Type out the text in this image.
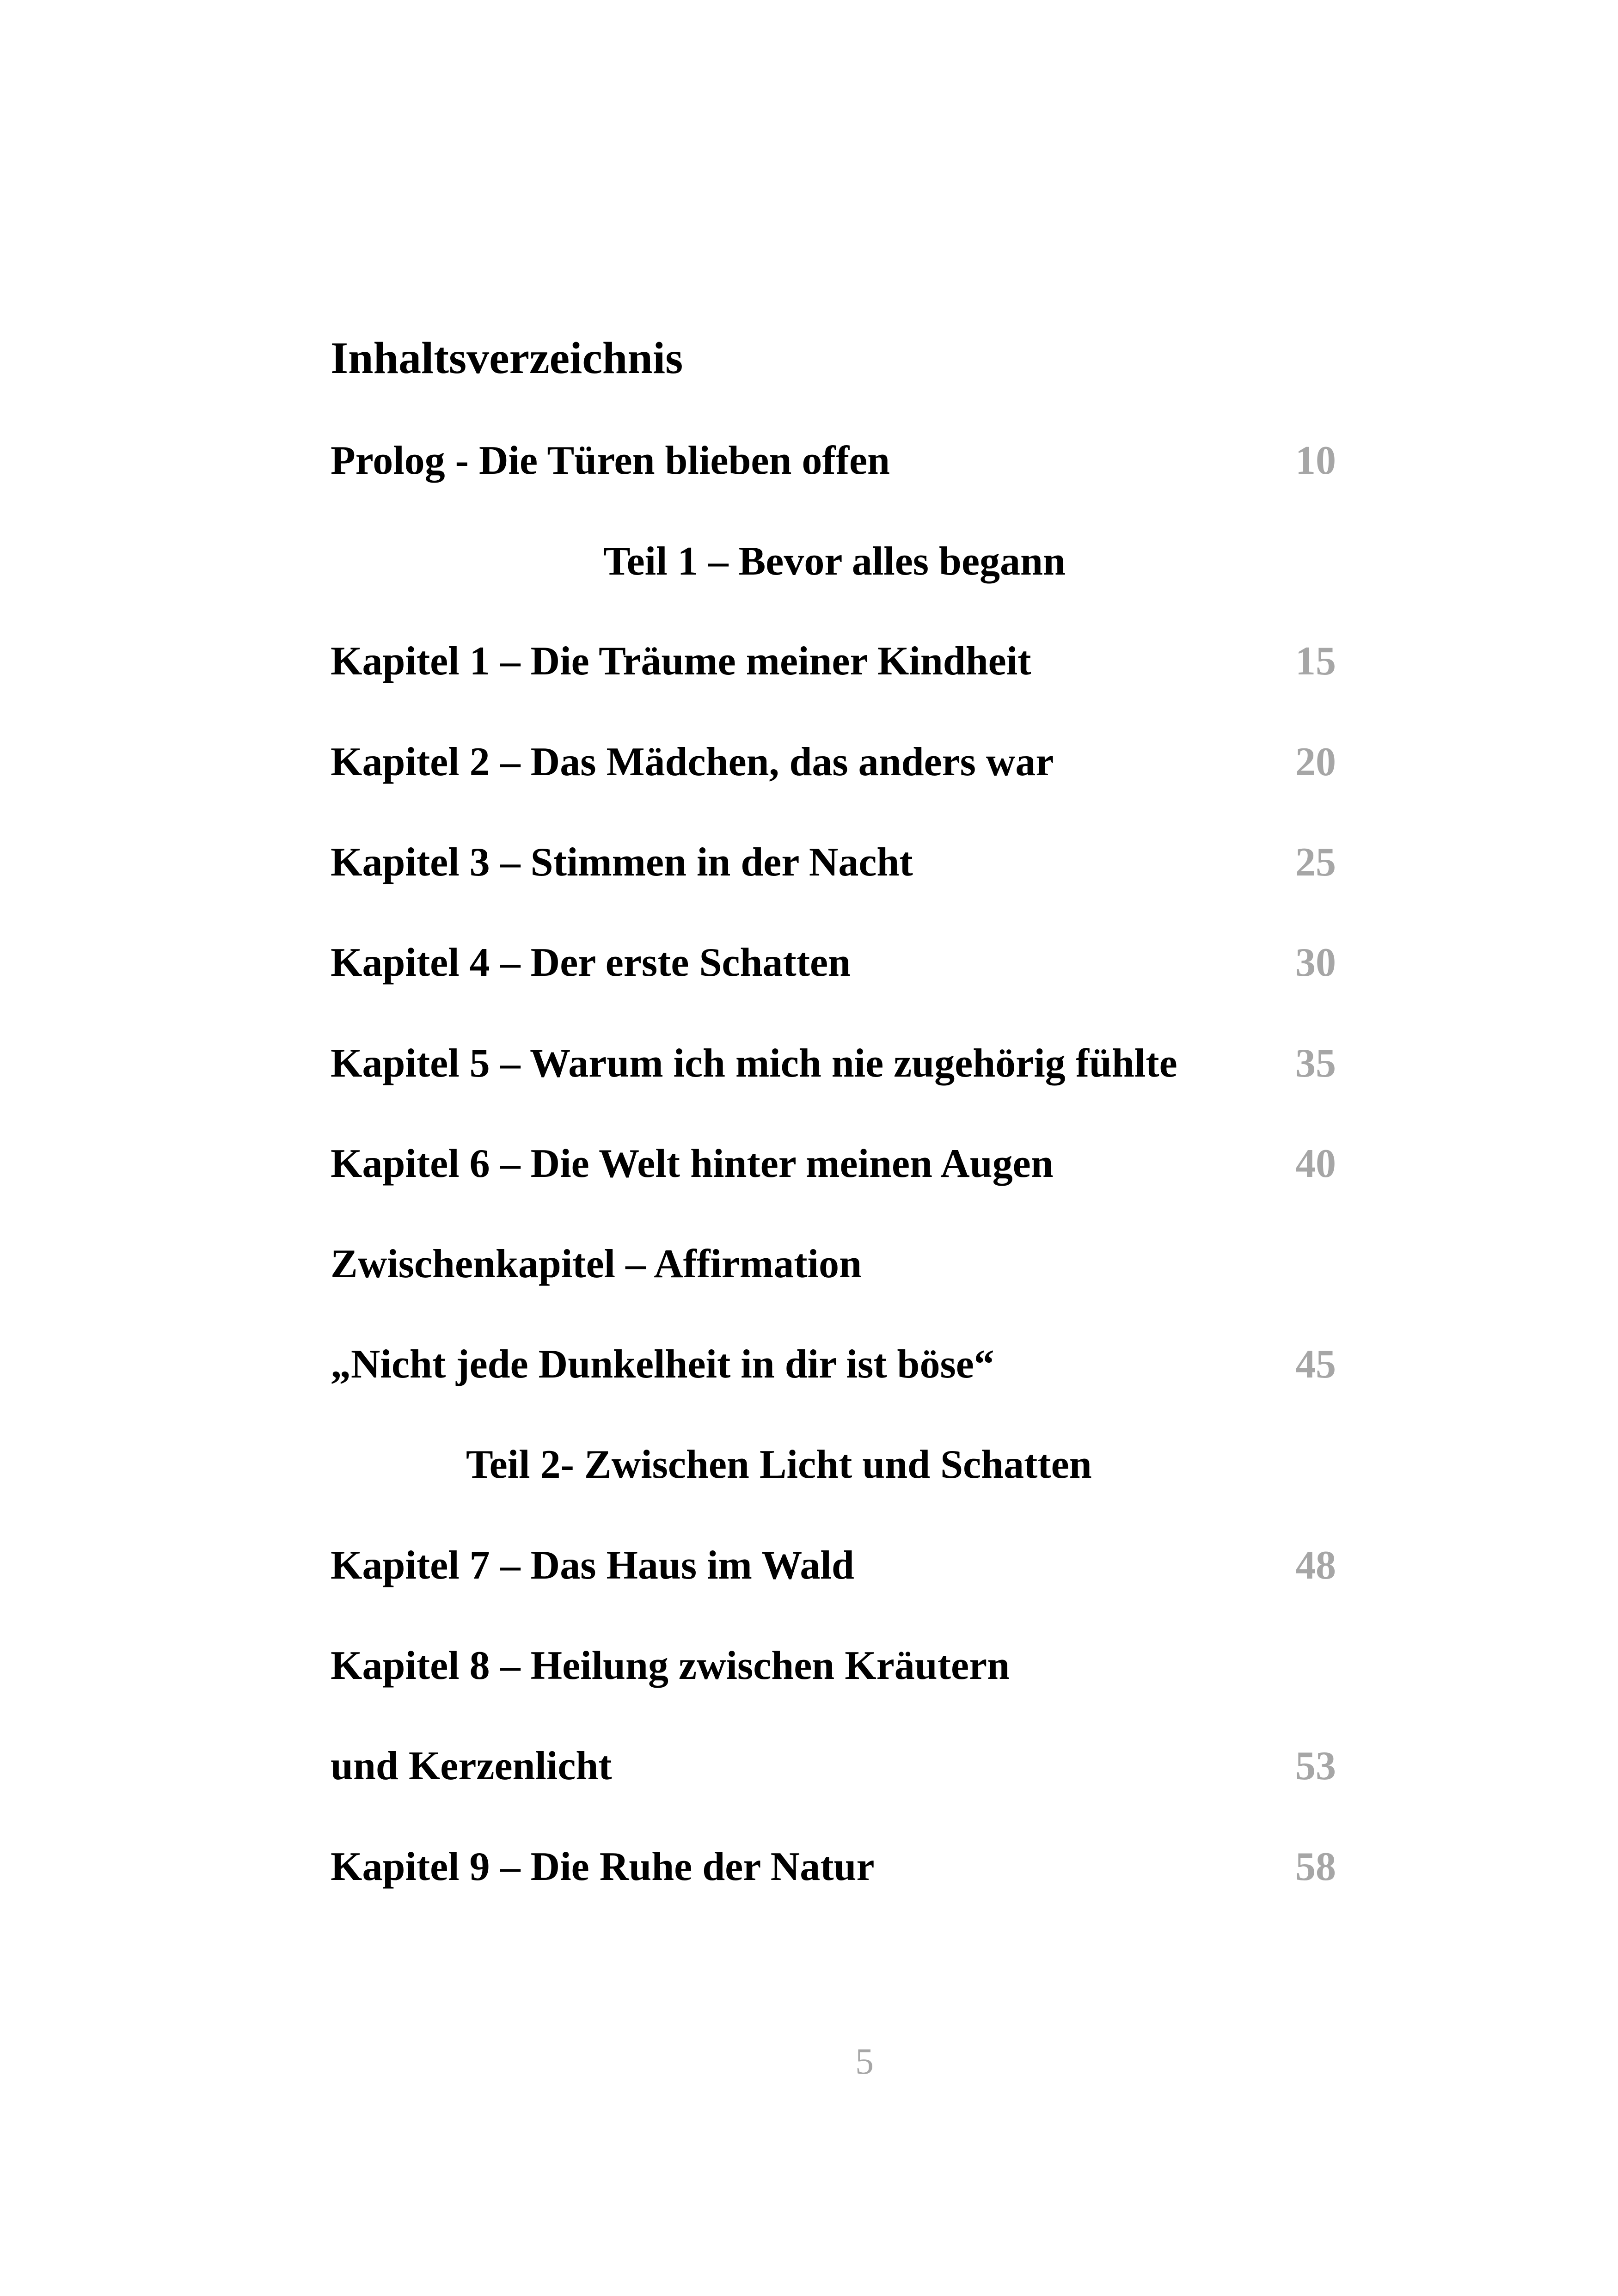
Inhaltsverzeichnis
Prolog - Die Türen blieben offen	10
Teil 1 – Bevor alles begann
Kapitel 1 – Die Träume meiner Kindheit	15
Kapitel 2 – Das Mädchen, das anders war	20
Kapitel 3 – Stimmen in der Nacht	25
Kapitel 4 – Der erste Schatten	30
Kapitel 5 – Warum ich mich nie zugehörig fühlte	35
Kapitel 6 – Die Welt hinter meinen Augen	40
Zwischenkapitel – Affirmation
„Nicht jede Dunkelheit in dir ist böse“	45
Teil 2- Zwischen Licht und Schatten
Kapitel 7 – Das Haus im Wald	48
Kapitel 8 – Heilung zwischen Kräutern
und Kerzenlicht	53
Kapitel 9 – Die Ruhe der Natur	58
5
